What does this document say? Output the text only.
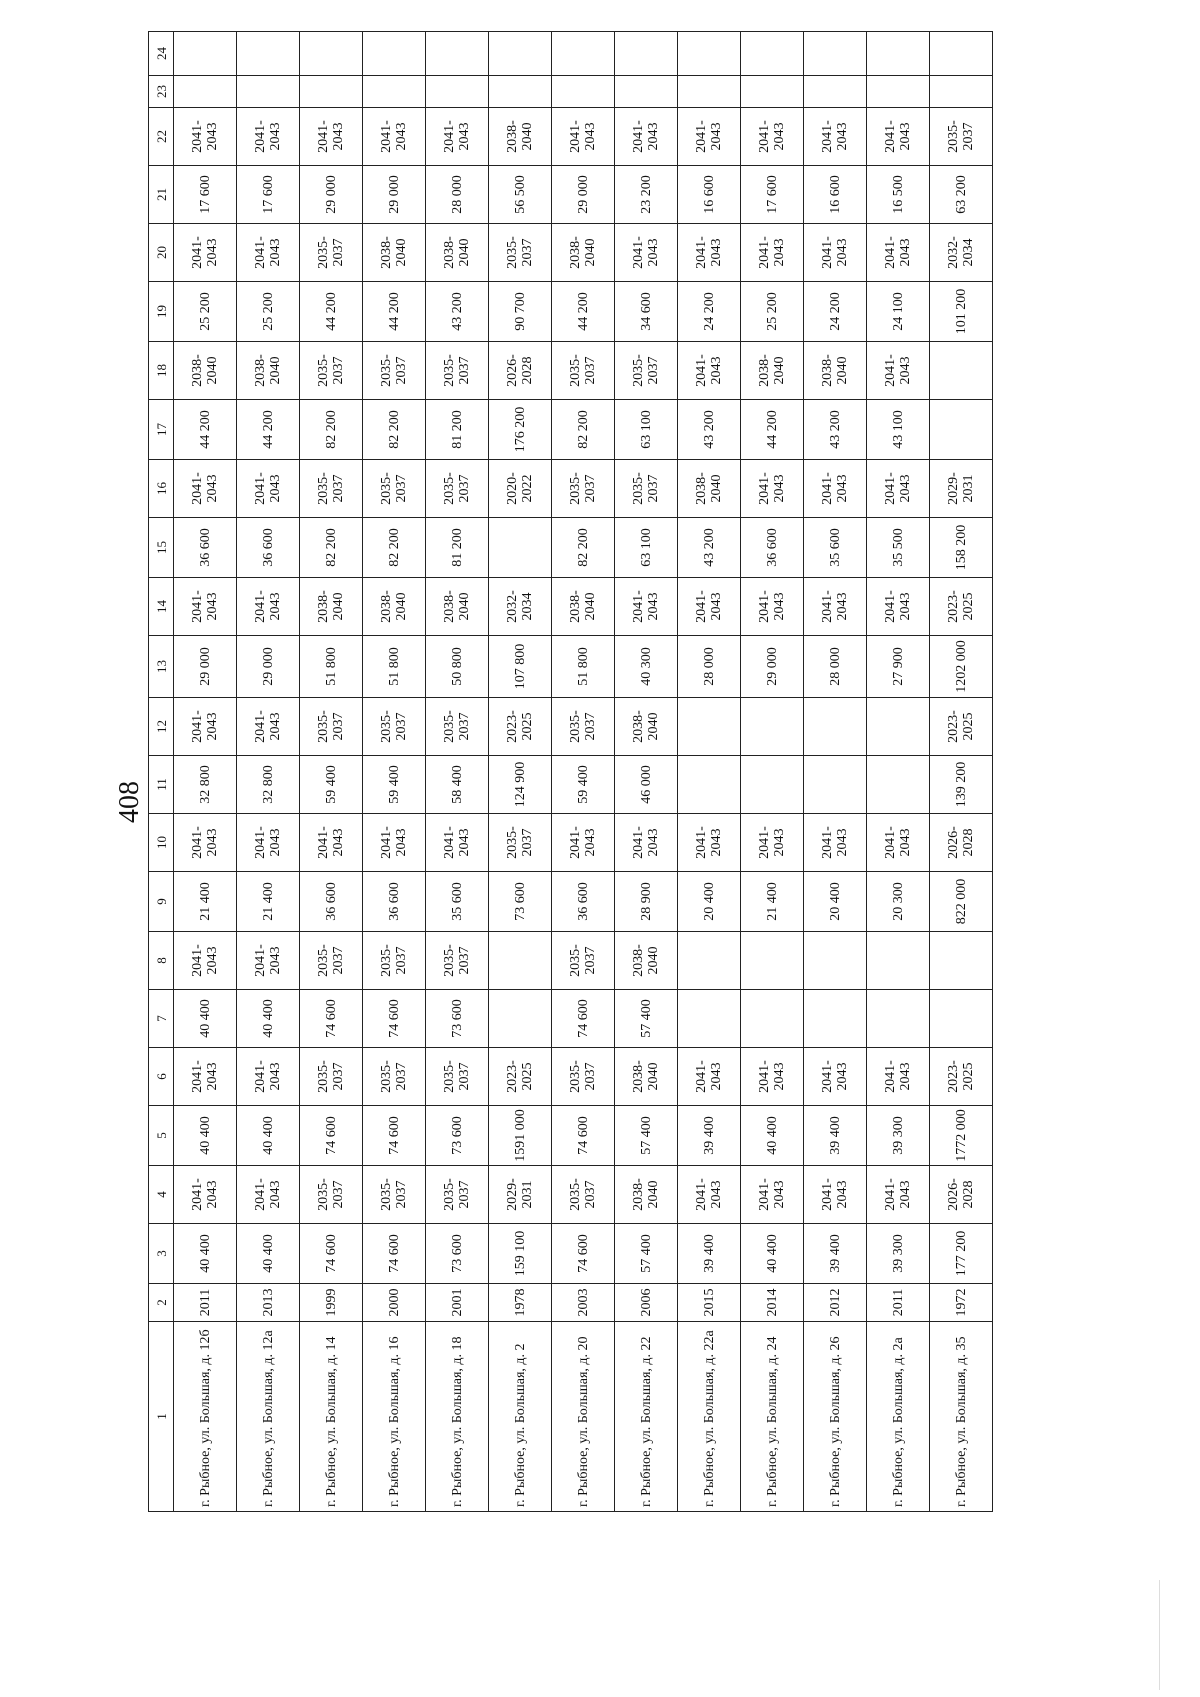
408
1	2	3	4	5	6	7	8	9	10	11	12	13	14	15	16	17	18	19	20	21	22	23	24
г. Рыбное, ул. Большая, д. 12б	2011	40 400	2041-2043	40 400	2041-2043	40 400	2041-2043	21 400	2041-2043	32 800	2041-2043	29 000	2041-2043	36 600	2041-2043	44 200	2038-2040	25 200	2041-2043	17 600	2041-2043		
г. Рыбное, ул. Большая, д. 12а	2013	40 400	2041-2043	40 400	2041-2043	40 400	2041-2043	21 400	2041-2043	32 800	2041-2043	29 000	2041-2043	36 600	2041-2043	44 200	2038-2040	25 200	2041-2043	17 600	2041-2043		
г. Рыбное, ул. Большая, д. 14	1999	74 600	2035-2037	74 600	2035-2037	74 600	2035-2037	36 600	2041-2043	59 400	2035-2037	51 800	2038-2040	82 200	2035-2037	82 200	2035-2037	44 200	2035-2037	29 000	2041-2043		
г. Рыбное, ул. Большая, д. 16	2000	74 600	2035-2037	74 600	2035-2037	74 600	2035-2037	36 600	2041-2043	59 400	2035-2037	51 800	2038-2040	82 200	2035-2037	82 200	2035-2037	44 200	2038-2040	29 000	2041-2043		
г. Рыбное, ул. Большая, д. 18	2001	73 600	2035-2037	73 600	2035-2037	73 600	2035-2037	35 600	2041-2043	58 400	2035-2037	50 800	2038-2040	81 200	2035-2037	81 200	2035-2037	43 200	2038-2040	28 000	2041-2043		
г. Рыбное, ул. Большая, д. 2	1978	159 100	2029-2031	1591 000	2023-2025			73 600	2035-2037	124 900	2023-2025	107 800	2032-2034		2020-2022	176 200	2026-2028	90 700	2035-2037	56 500	2038-2040		
г. Рыбное, ул. Большая, д. 20	2003	74 600	2035-2037	74 600	2035-2037	74 600	2035-2037	36 600	2041-2043	59 400	2035-2037	51 800	2038-2040	82 200	2035-2037	82 200	2035-2037	44 200	2038-2040	29 000	2041-2043		
г. Рыбное, ул. Большая, д. 22	2006	57 400	2038-2040	57 400	2038-2040	57 400	2038-2040	28 900	2041-2043	46 000	2038-2040	40 300	2041-2043	63 100	2035-2037	63 100	2035-2037	34 600	2041-2043	23 200	2041-2043		
г. Рыбное, ул. Большая, д. 22а	2015	39 400	2041-2043	39 400	2041-2043			20 400	2041-2043			28 000	2041-2043	43 200	2038-2040	43 200	2041-2043	24 200	2041-2043	16 600	2041-2043		
г. Рыбное, ул. Большая, д. 24	2014	40 400	2041-2043	40 400	2041-2043			21 400	2041-2043			29 000	2041-2043	36 600	2041-2043	44 200	2038-2040	25 200	2041-2043	17 600	2041-2043		
г. Рыбное, ул. Большая, д. 26	2012	39 400	2041-2043	39 400	2041-2043			20 400	2041-2043			28 000	2041-2043	35 600	2041-2043	43 200	2038-2040	24 200	2041-2043	16 600	2041-2043		
г. Рыбное, ул. Большая, д. 2а	2011	39 300	2041-2043	39 300	2041-2043			20 300	2041-2043			27 900	2041-2043	35 500	2041-2043	43 100	2041-2043	24 100	2041-2043	16 500	2041-2043		
г. Рыбное, ул. Большая, д. 35	1972	177 200	2026-2028	1772 000	2023-2025			822 000	2026-2028	139 200	2023-2025	1202 000	2023-2025	158 200	2029-2031			101 200	2032-2034	63 200	2035-2037		
